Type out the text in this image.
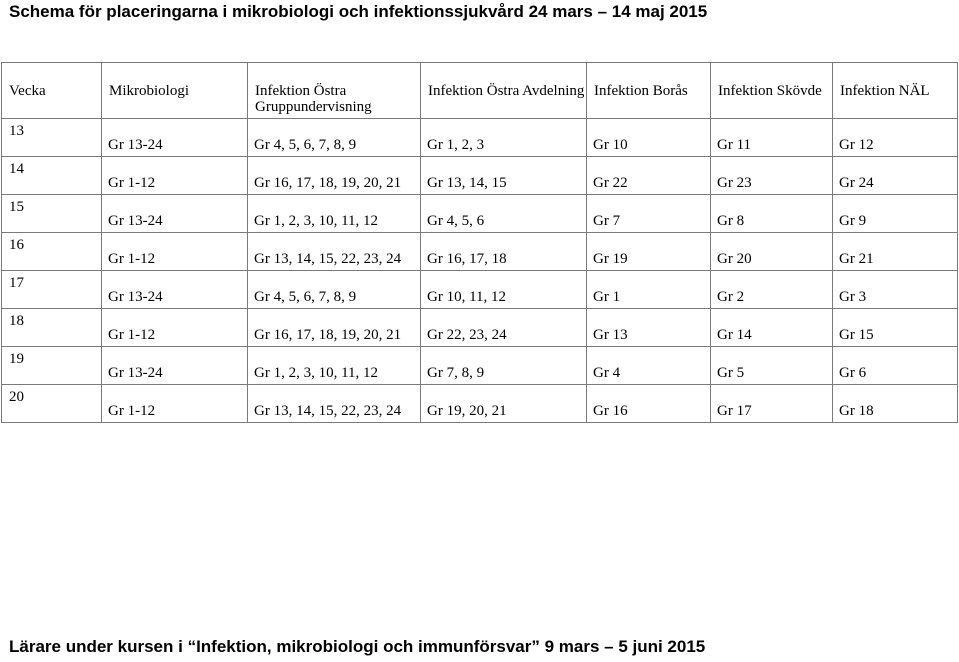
Schema för placeringarna i mikrobiologi och infektionssjukvård 24 mars – 14 maj 2015
Vecka	Mikrobiologi	Infektion Östra Gruppundervisning	Infektion Östra Avdelning	Infektion Borås	Infektion Skövde	Infektion NÄL
13	Gr 13-24	Gr 4, 5, 6, 7, 8, 9	Gr 1, 2, 3	Gr 10	Gr 11	Gr 12
14	Gr 1-12	Gr 16, 17, 18, 19, 20, 21	Gr 13, 14, 15	Gr 22	Gr 23	Gr 24
15	Gr 13-24	Gr 1, 2, 3, 10, 11, 12	Gr 4, 5, 6	Gr 7	Gr 8	Gr 9
16	Gr 1-12	Gr 13, 14, 15, 22, 23, 24	Gr 16, 17, 18	Gr 19	Gr 20	Gr 21
17	Gr 13-24	Gr 4, 5, 6, 7, 8, 9	Gr 10, 11, 12	Gr 1	Gr 2	Gr 3
18	Gr 1-12	Gr 16, 17, 18, 19, 20, 21	Gr 22, 23, 24	Gr 13	Gr 14	Gr 15
19	Gr 13-24	Gr 1, 2, 3, 10, 11, 12	Gr 7, 8, 9	Gr 4	Gr 5	Gr 6
20	Gr 1-12	Gr 13, 14, 15, 22, 23, 24	Gr 19, 20, 21	Gr 16	Gr 17	Gr 18
Lärare under kursen i “Infektion, mikrobiologi och immunförsvar” 9 mars – 5 juni 2015
